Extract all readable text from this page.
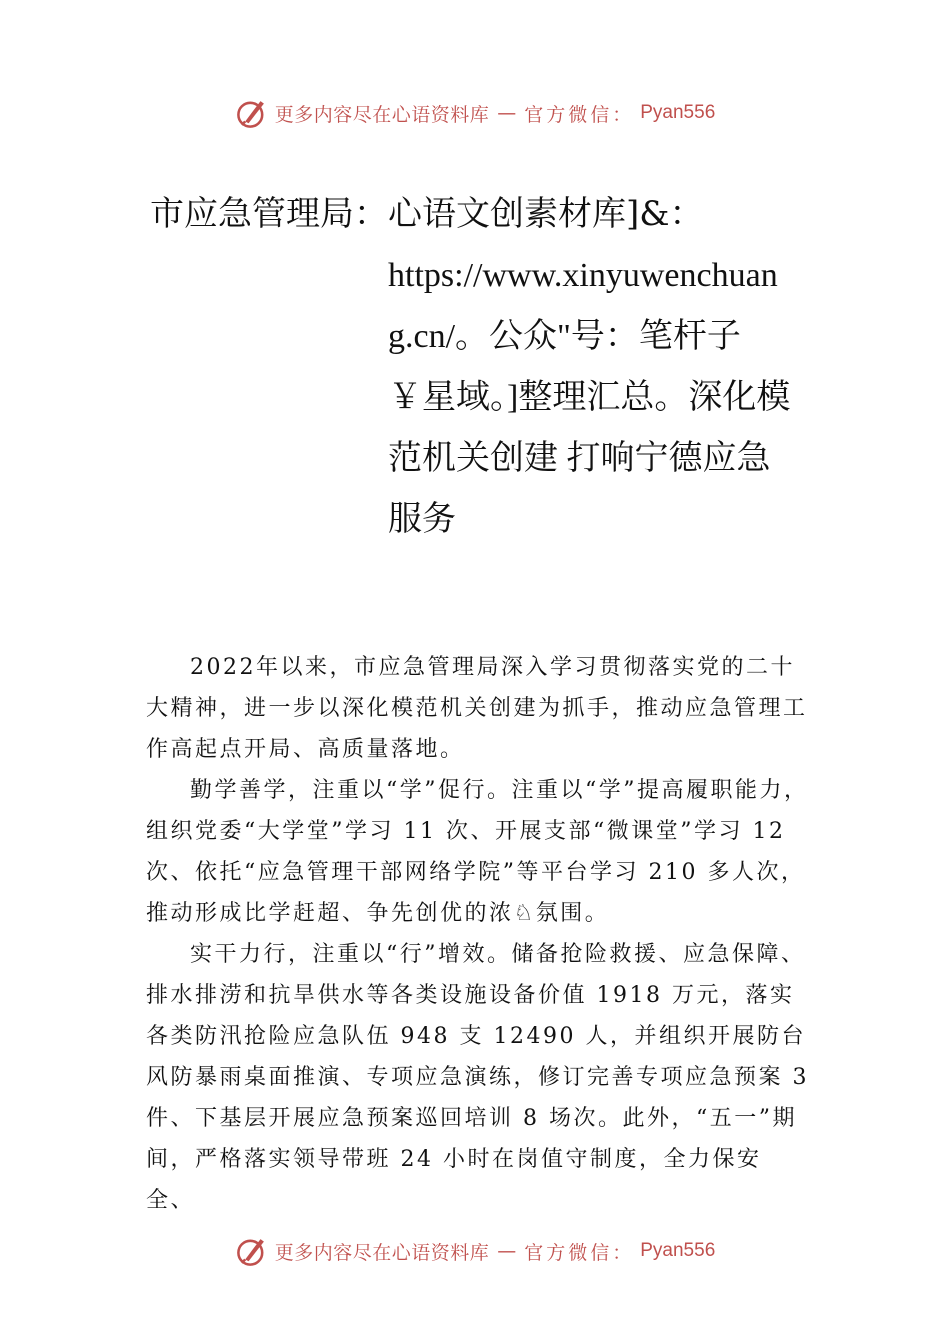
更多内容尽在心语资料库 — 官方微信： Pyan556
市应急管理局：心语文创素材库]&：
https://www.xinyuwenchuang.cn/。公众"号：笔杆子￥星域。]整理汇总。深化模范机关创建 打响宁德应急服务

2022年以来，市应急管理局深入学习贯彻落实党的二十大精神，进一步以深化模范机关创建为抓手，推动应急管理工作高起点开局、高质量落地。

勤学善学，注重以“学”促行。注重以“学”提高履职能力，组织党委“大学堂”学习 11 次、开展支部“微课堂”学习 12 次、依托“应急管理干部网络学院”等平台学习 210 多人次，推动形成比学赶超、争先创优的浓♘氛围。

实干力行，注重以“行”增效。储备抢险救援、应急保障、排水排涝和抗旱供水等各类设施设备价值 1918 万元，落实各类防汛抢险应急队伍 948 支 12490 人，并组织开展防台风防暴雨桌面推演、专项应急演练，修订完善专项应急预案 3 件、下基层开展应急预案巡回培训 8 场次。此外，“五一”期间，严格落实领导带班 24 小时在岗值守制度，全力保安全、

更多内容尽在心语资料库 — 官方微信： Pyan556
